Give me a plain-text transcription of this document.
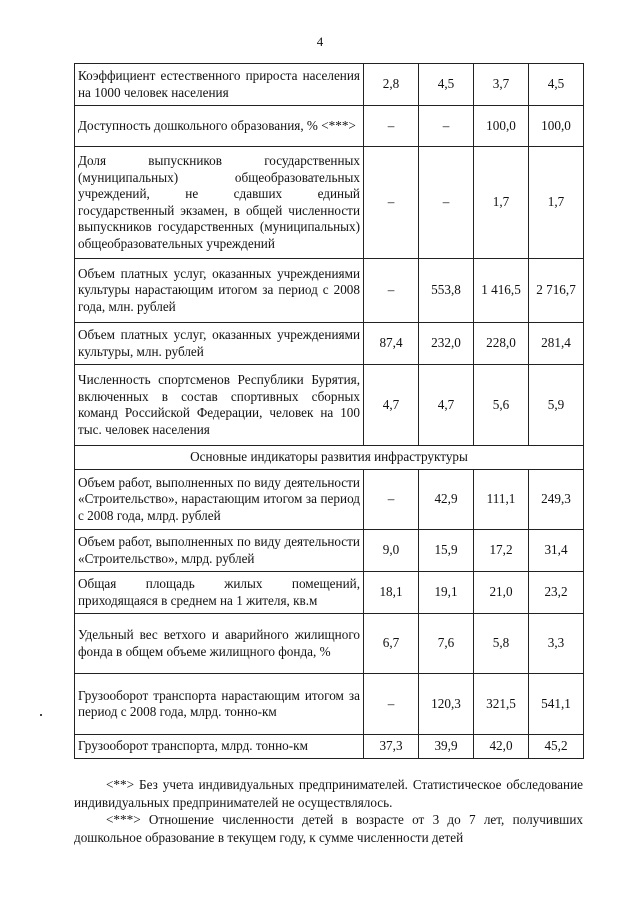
4
Коэффициент естественного прироста населения на 1000 человек населения	2,8	4,5	3,7	4,5
Доступность дошкольного образования, % <***>	–	–	100,0	100,0
Доля выпускников государственных (муниципальных) общеобразовательных учреждений, не сдавших единый государственный экзамен, в общей численности выпускников государственных (муниципальных) общеобразовательных учреждений	–	–	1,7	1,7
Объем платных услуг, оказанных учреждениями культуры нарастающим итогом за период с 2008 года, млн. рублей	–	553,8	1 416,5	2 716,7
Объем платных услуг, оказанных учреждениями культуры, млн. рублей	87,4	232,0	228,0	281,4
Численность спортсменов Республики Бурятия, включенных в состав спортивных сборных команд Российской Федерации, человек на 100 тыс. человек населения	4,7	4,7	5,6	5,9
Основные индикаторы развития инфраструктуры				
Объем работ, выполненных по виду деятельности «Строительство», нарастающим итогом за период с 2008 года, млрд. рублей	–	42,9	111,1	249,3
Объем работ, выполненных по виду деятельности «Строительство», млрд. рублей	9,0	15,9	17,2	31,4
Общая площадь жилых помещений, приходящаяся в среднем на 1 жителя, кв.м	18,1	19,1	21,0	23,2
Удельный вес ветхого и аварийного жилищного фонда в общем объеме жилищного фонда, %	6,7	7,6	5,8	3,3
Грузооборот транспорта нарастающим итогом за период с 2008 года, млрд. тонно-км	–	120,3	321,5	541,1
Грузооборот транспорта, млрд. тонно-км	37,3	39,9	42,0	45,2

<**> Без учета индивидуальных предпринимателей. Статистическое обследование индивидуальных предпринимателей не осуществлялось.

<***> Отношение численности детей в возрасте от 3 до 7 лет, получивших дошкольное образование в текущем году, к сумме численности детей
